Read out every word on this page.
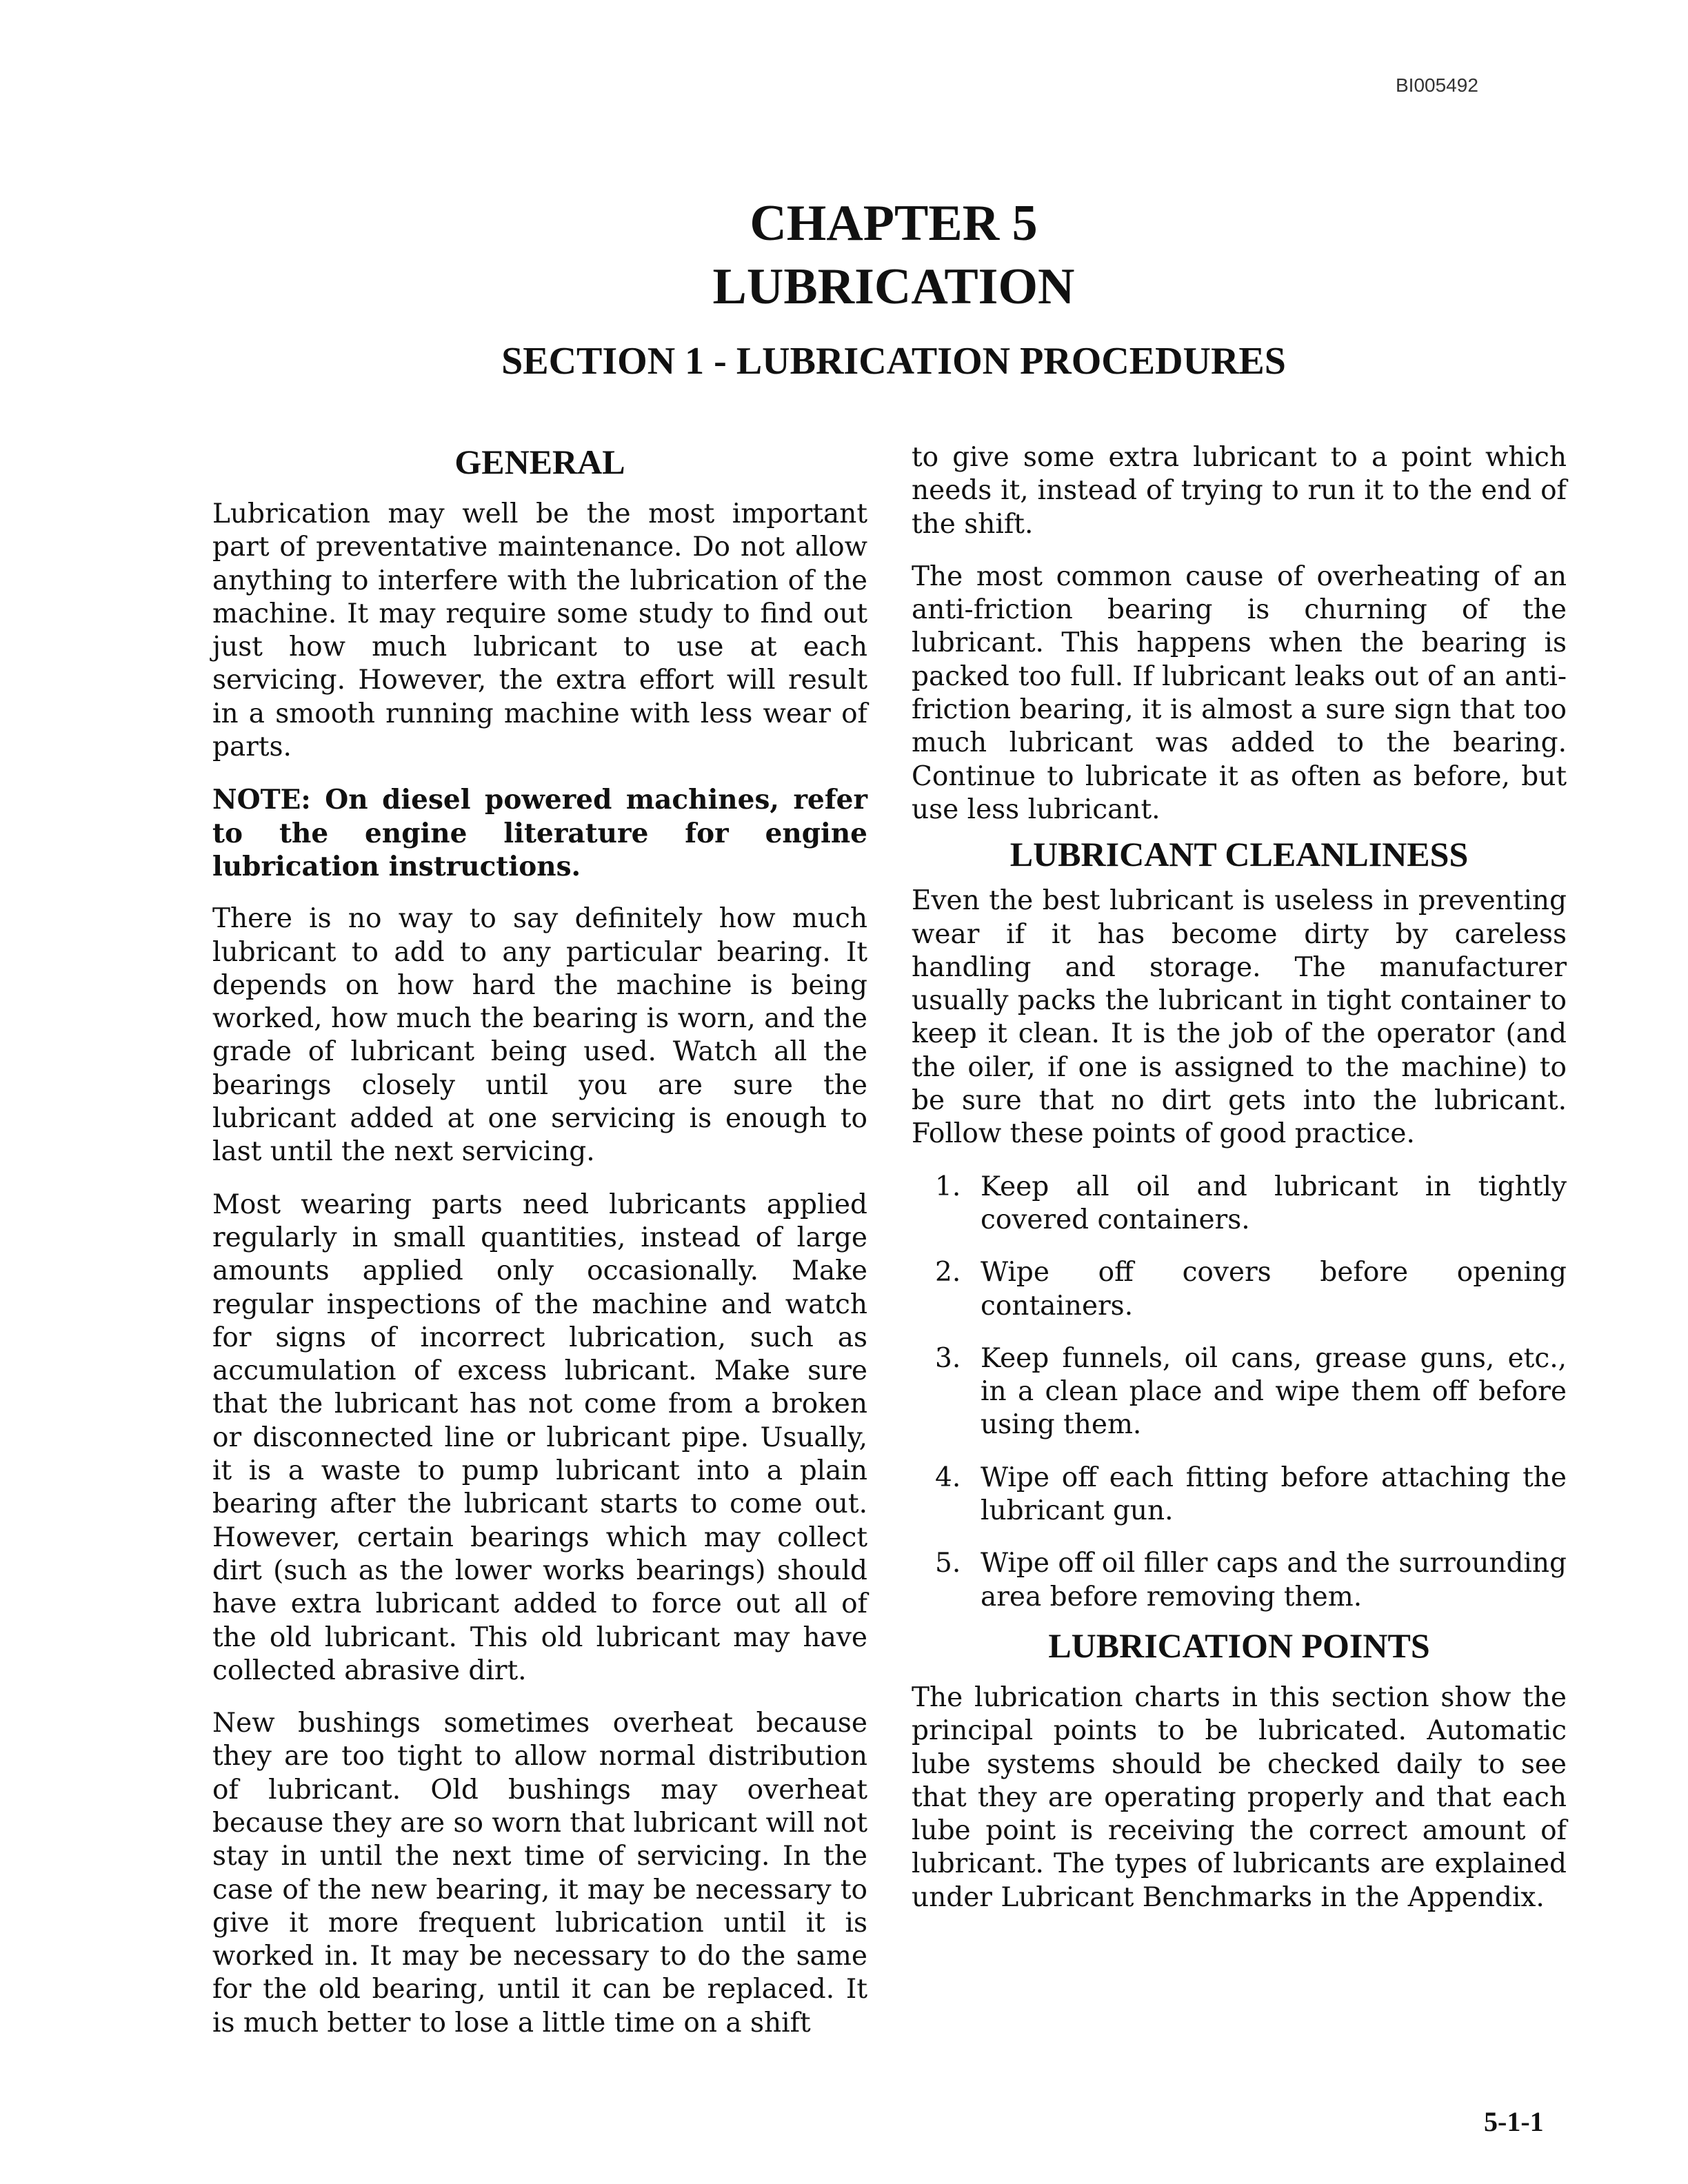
BI005492
CHAPTER 5
LUBRICATION
SECTION 1 - LUBRICATION PROCEDURES
GENERAL

Lubrication may well be the most important part of preventative maintenance. Do not allow anything to interfere with the lubrication of the machine. It may require some study to find out just how much lubricant to use at each servicing. However, the extra effort will result in a smooth running machine with less wear of parts.

NOTE: On diesel powered machines, refer to the engine literature for engine lubrication instructions.

There is no way to say definitely how much lubricant to add to any particular bearing. It depends on how hard the machine is being worked, how much the bearing is worn, and the grade of lubricant being used. Watch all the bearings closely until you are sure the lubricant added at one servicing is enough to last until the next servicing.

Most wearing parts need lubricants applied regularly in small quantities, instead of large amounts applied only occasionally. Make regular inspections of the machine and watch for signs of incorrect lubrication, such as accumulation of excess lubricant. Make sure that the lubricant has not come from a broken or disconnected line or lubricant pipe. Usually, it is a waste to pump lubricant into a plain bearing after the lubricant starts to come out. However, certain bearings which may collect dirt (such as the lower works bearings) should have extra lubricant added to force out all of the old lubricant. This old lubricant may have collected abrasive dirt.

New bushings sometimes overheat because they are too tight to allow normal distribution of lubricant. Old bushings may overheat because they are so worn that lubricant will not stay in until the next time of servicing. In the case of the new bearing, it may be necessary to give it more frequent lubrication until it is worked in. It may be necessary to do the same for the old bearing, until it can be replaced. It is much better to lose a little time on a shift

to give some extra lubricant to a point which needs it, instead of trying to run it to the end of the shift.

The most common cause of overheating of an anti-friction bearing is churning of the lubricant. This happens when the bearing is packed too full. If lubricant leaks out of an anti-friction bearing, it is almost a sure sign that too much lubricant was added to the bearing. Continue to lubricate it as often as before, but use less lubricant.

LUBRICANT CLEANLINESS

Even the best lubricant is useless in preventing wear if it has become dirty by careless handling and storage. The manufacturer usually packs the lubricant in tight container to keep it clean. It is the job of the operator (and the oiler, if one is assigned to the machine) to be sure that no dirt gets into the lubricant. Follow these points of good practice.

1. Keep all oil and lubricant in tightly covered containers.
2. Wipe off covers before opening containers.
3. Keep funnels, oil cans, grease guns, etc., in a clean place and wipe them off before using them.
4. Wipe off each fitting before attaching the lubricant gun.
5. Wipe off oil filler caps and the surrounding area before removing them.
LUBRICATION POINTS

The lubrication charts in this section show the principal points to be lubricated. Automatic lube systems should be checked daily to see that they are operating properly and that each lube point is receiving the correct amount of lubricant. The types of lubricants are explained under Lubricant Benchmarks in the Appendix.

5-1-1
